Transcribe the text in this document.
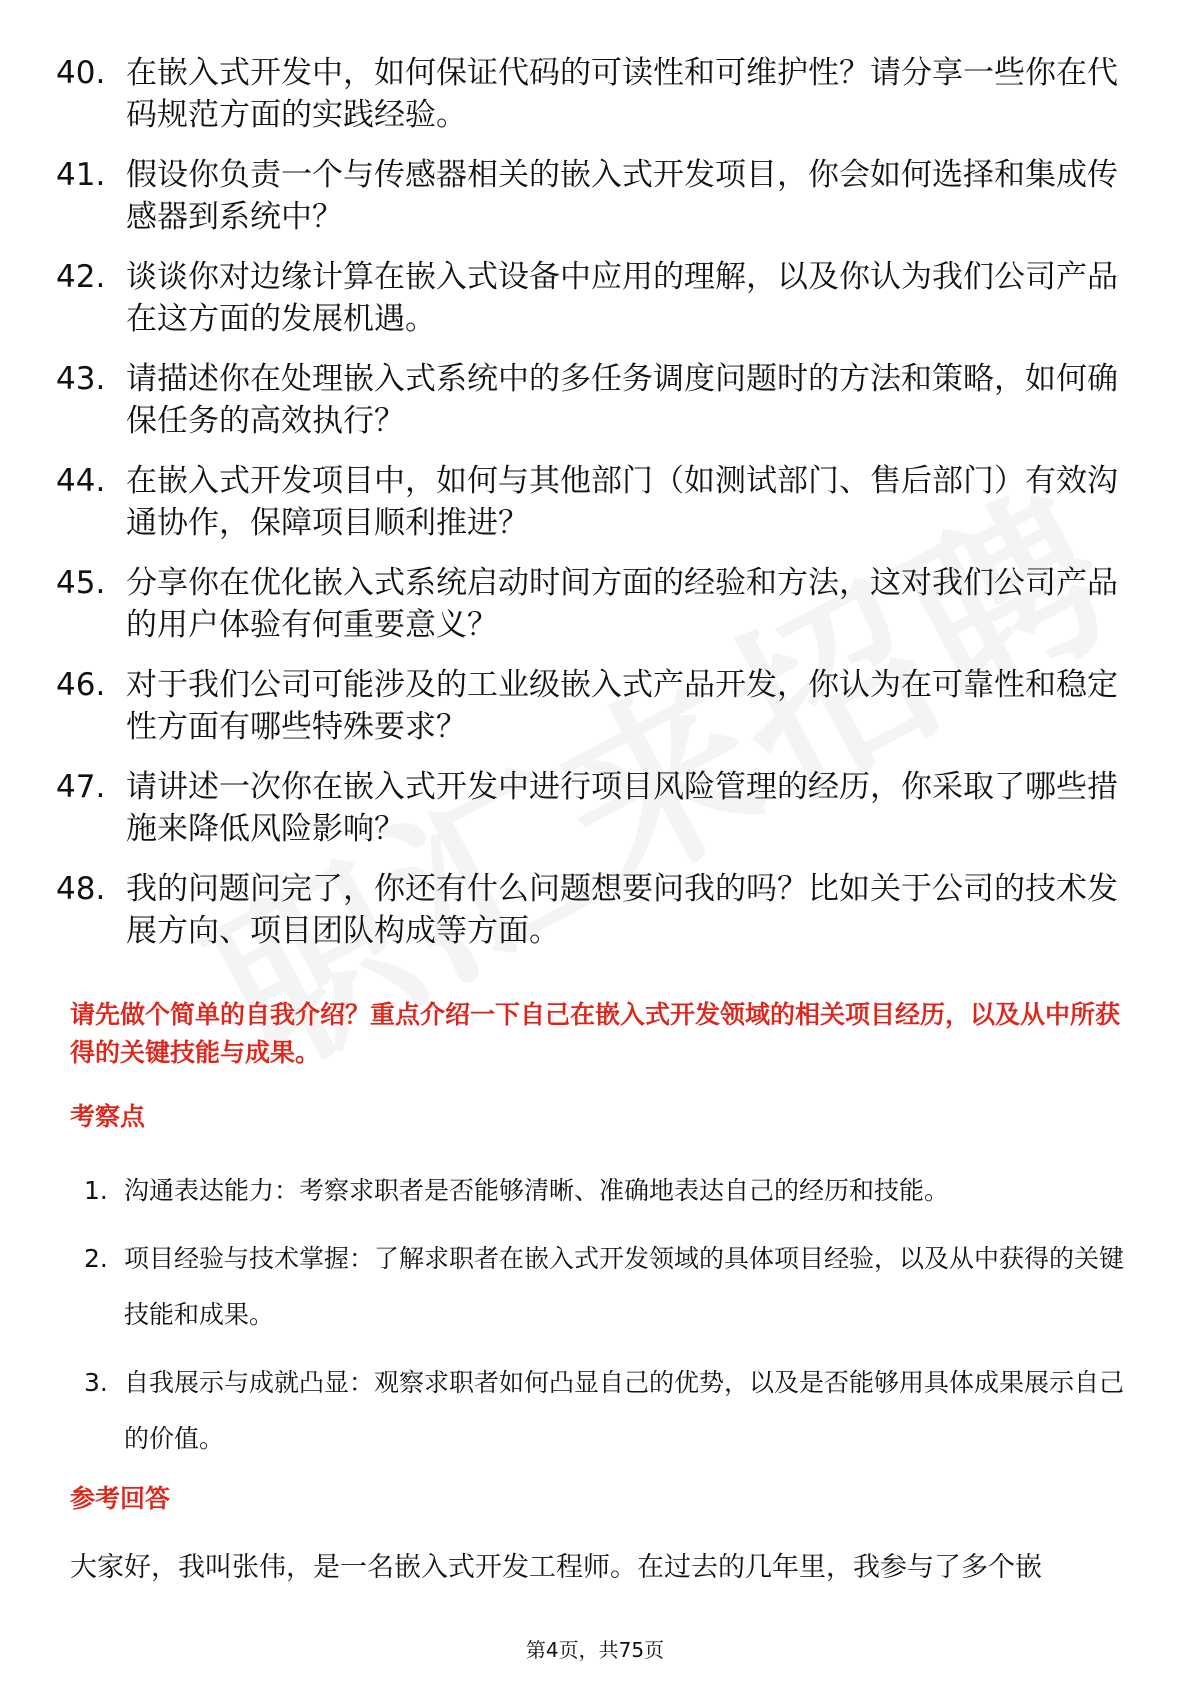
40. 在嵌入式开发中，如何保证代码的可读性和可维护性？请分享一些你在代码规范方面的实践经验。
41. 假设你负责一个与传感器相关的嵌入式开发项目，你会如何选择和集成传感器到系统中？
42. 谈谈你对边缘计算在嵌入式设备中应用的理解，以及你认为我们公司产品在这方面的发展机遇。
43. 请描述你在处理嵌入式系统中的多任务调度问题时的方法和策略，如何确保任务的高效执行？
44. 在嵌入式开发项目中，如何与其他部门（如测试部门、售后部门）有效沟通协作，保障项目顺利推进？
45. 分享你在优化嵌入式系统启动时间方面的经验和方法，这对我们公司产品的用户体验有何重要意义？
46. 对于我们公司可能涉及的工业级嵌入式产品开发，你认为在可靠性和稳定性方面有哪些特殊要求？
47. 请讲述一次你在嵌入式开发中进行项目风险管理的经历，你采取了哪些措施来降低风险影响？
48. 我的问题问完了，你还有什么问题想要问我的吗？比如关于公司的技术发展方向、项目团队构成等方面。
请先做个简单的自我介绍？重点介绍一下自己在嵌入式开发领域的相关项目经历，以及从中所获得的关键技能与成果。
考察点
1. 沟通表达能力：考察求职者是否能够清晰、准确地表达自己的经历和技能。
2. 项目经验与技术掌握：了解求职者在嵌入式开发领域的具体项目经验，以及从中获得的关键技能和成果。
3. 自我展示与成就凸显：观察求职者如何凸显自己的优势，以及是否能够用具体成果展示自己的价值。
参考回答
大家好，我叫张伟，是一名嵌入式开发工程师。在过去的几年里，我参与了多个嵌
第4页，共75页
